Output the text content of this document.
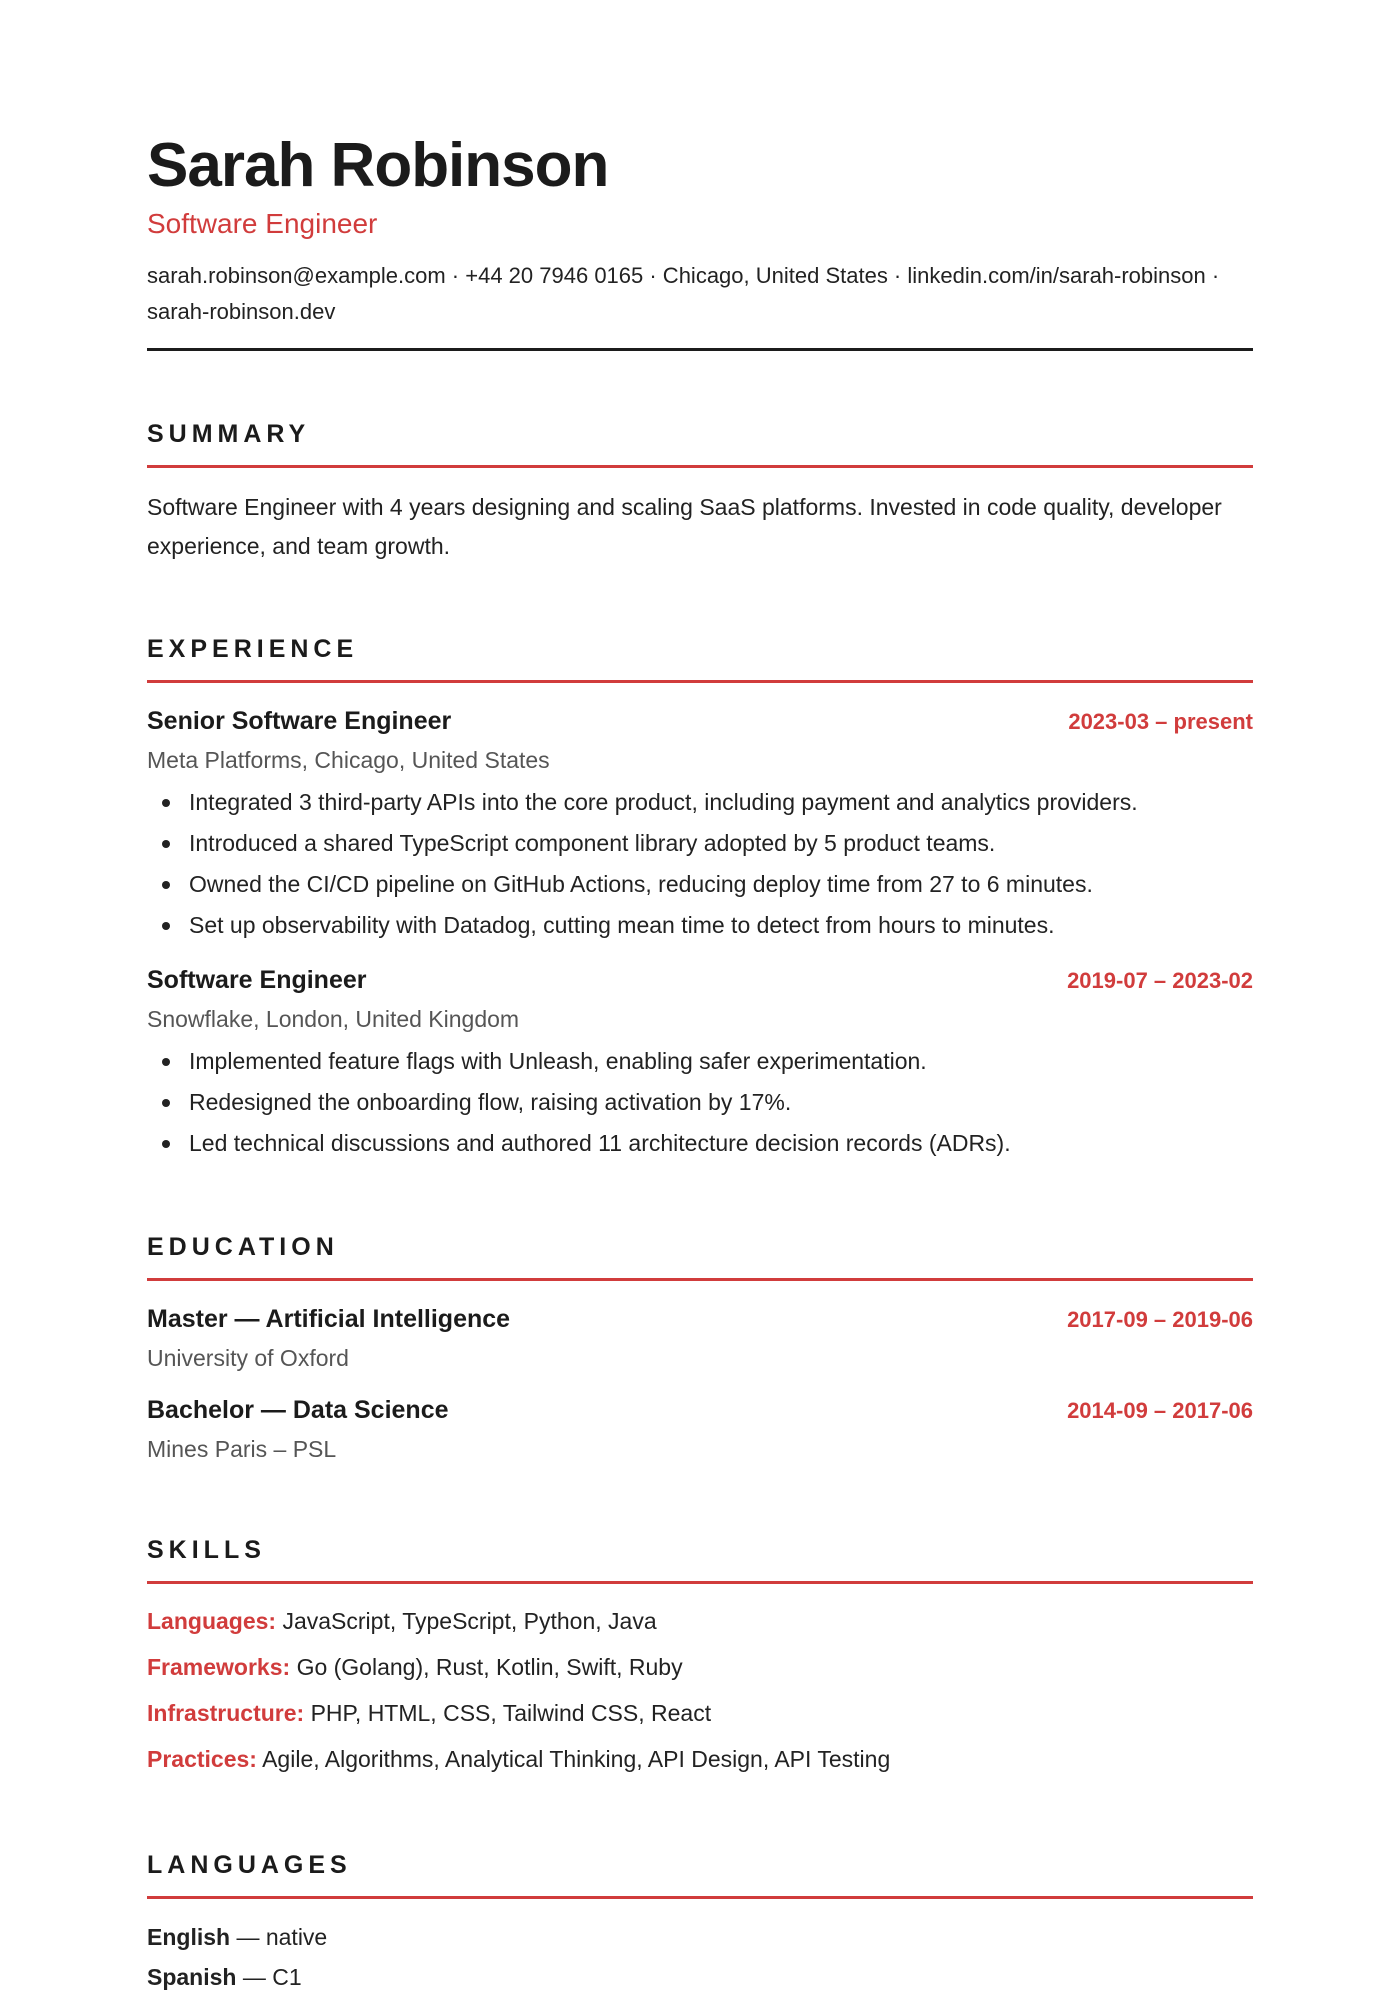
Sarah Robinson
Software Engineer
sarah.robinson@example.com · +44 20 7946 0165 · Chicago, United States · linkedin.com/in/sarah-robinson · sarah-robinson.dev
SUMMARY
Software Engineer with 4 years designing and scaling SaaS platforms. Invested in code quality, developer experience, and team growth.
EXPERIENCE
Senior Software Engineer	2023-03 – present
Meta Platforms, Chicago, United States
Integrated 3 third-party APIs into the core product, including payment and analytics providers.
Introduced a shared TypeScript component library adopted by 5 product teams.
Owned the CI/CD pipeline on GitHub Actions, reducing deploy time from 27 to 6 minutes.
Set up observability with Datadog, cutting mean time to detect from hours to minutes.
Software Engineer	2019-07 – 2023-02
Snowflake, London, United Kingdom
Implemented feature flags with Unleash, enabling safer experimentation.
Redesigned the onboarding flow, raising activation by 17%.
Led technical discussions and authored 11 architecture decision records (ADRs).
EDUCATION
Master — Artificial Intelligence	2017-09 – 2019-06
University of Oxford
Bachelor — Data Science	2014-09 – 2017-06
Mines Paris – PSL
SKILLS
Languages: JavaScript, TypeScript, Python, Java
Frameworks: Go (Golang), Rust, Kotlin, Swift, Ruby
Infrastructure: PHP, HTML, CSS, Tailwind CSS, React
Practices: Agile, Algorithms, Analytical Thinking, API Design, API Testing
LANGUAGES
English — native
Spanish — C1
